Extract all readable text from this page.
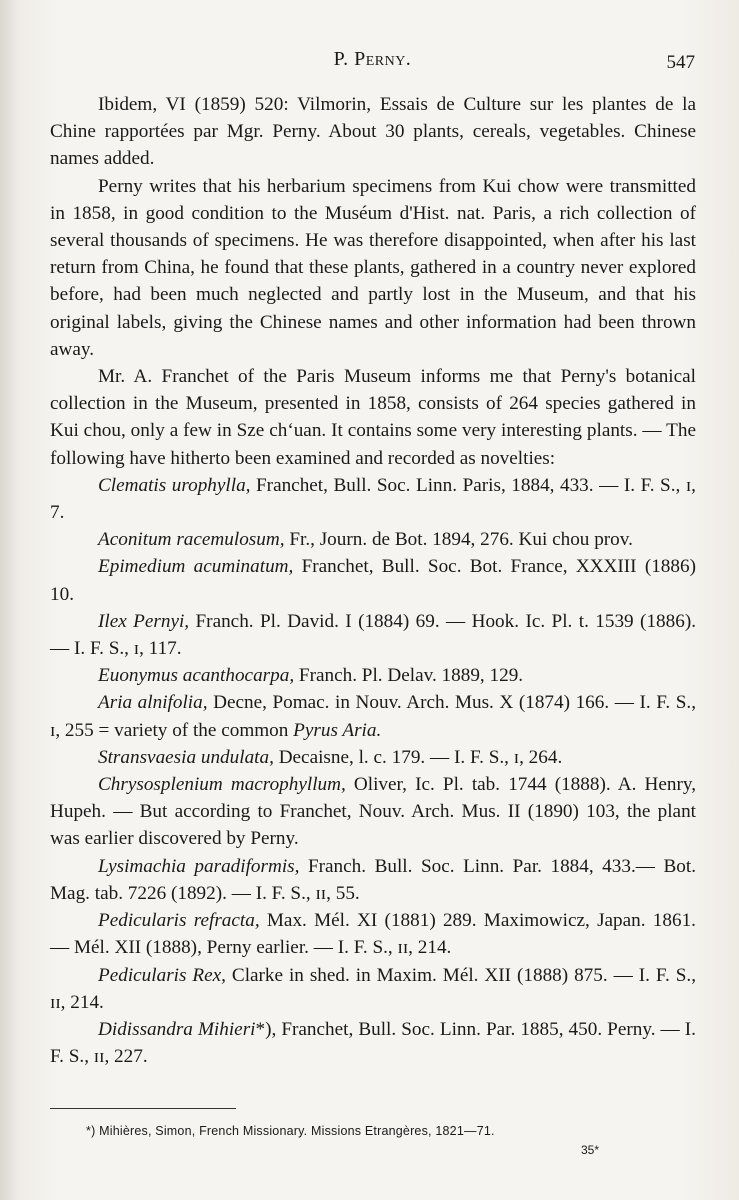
P. Perny.	547

Ibidem, VI (1859) 520: Vilmorin, Essais de Culture sur les plantes de la Chine rapportées par Mgr. Perny. About 30 plants, cereals, vegetables. Chinese names added.

Perny writes that his herbarium specimens from Kui chow were transmitted in 1858, in good condition to the Muséum d'Hist. nat. Paris, a rich collection of several thousands of specimens. He was therefore disappointed, when after his last return from China, he found that these plants, gathered in a country never explored before, had been much neglected and partly lost in the Museum, and that his original labels, giving the Chinese names and other information had been thrown away.

Mr. A. Franchet of the Paris Museum informs me that Perny's botanical collection in the Museum, presented in 1858, consists of 264 species gathered in Kui chou, only a few in Sze chʻuan. It contains some very interesting plants. — The following have hitherto been examined and recorded as novelties:

Clematis urophylla, Franchet, Bull. Soc. Linn. Paris, 1884, 433. — I. F. S., ɪ, 7.

Aconitum racemulosum, Fr., Journ. de Bot. 1894, 276. Kui chou prov.

Epimedium acuminatum, Franchet, Bull. Soc. Bot. France, XXXIII (1886) 10.

Ilex Pernyi, Franch. Pl. David. I (1884) 69. — Hook. Ic. Pl. t. 1539 (1886). — I. F. S., ɪ, 117.

Euonymus acanthocarpa, Franch. Pl. Delav. 1889, 129.

Aria alnifolia, Decne, Pomac. in Nouv. Arch. Mus. X (1874) 166. — I. F. S., ɪ, 255 = variety of the common Pyrus Aria.

Stransvaesia undulata, Decaisne, l. c. 179. — I. F. S., ɪ, 264.

Chrysosplenium macrophyllum, Oliver, Ic. Pl. tab. 1744 (1888). A. Henry, Hupeh. — But according to Franchet, Nouv. Arch. Mus. II (1890) 103, the plant was earlier discovered by Perny.

Lysimachia paradiformis, Franch. Bull. Soc. Linn. Par. 1884, 433.— Bot. Mag. tab. 7226 (1892). — I. F. S., ɪɪ, 55.

Pedicularis refracta, Max. Mél. XI (1881) 289. Maximowicz, Japan. 1861. — Mél. XII (1888), Perny earlier. — I. F. S., ɪɪ, 214.

Pedicularis Rex, Clarke in shed. in Maxim. Mél. XII (1888) 875. — I. F. S., ɪɪ, 214.

Didissandra Mihieri*), Franchet, Bull. Soc. Linn. Par. 1885, 450. Perny. — I. F. S., ɪɪ, 227.

*) Mihières, Simon, French Missionary. Missions Etrangères, 1821—71.
35*
